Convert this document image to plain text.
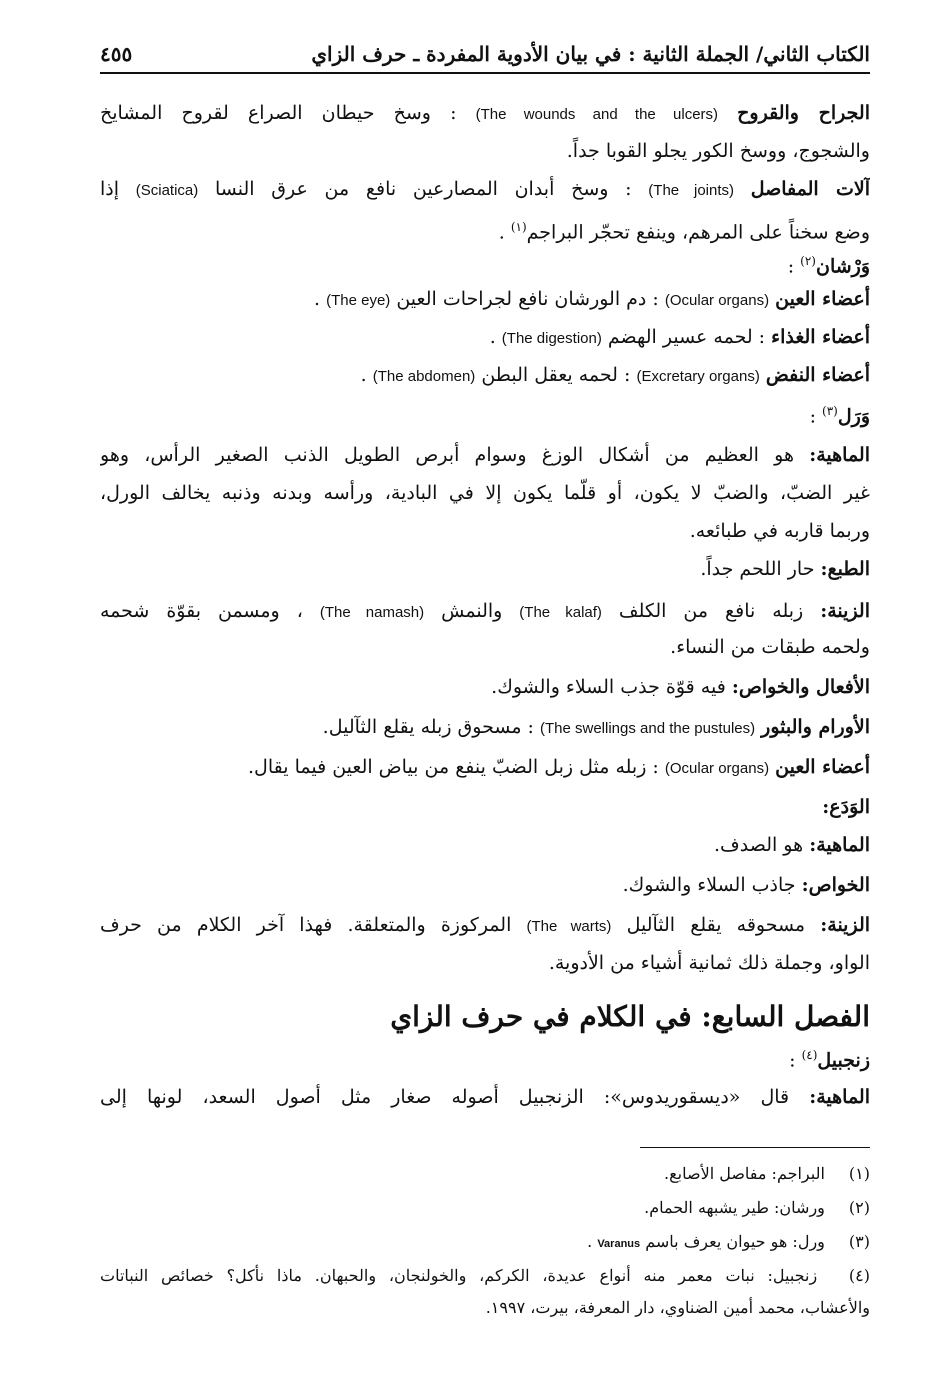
الكتاب الثاني/ الجملة الثانية : في بيان الأدوية المفردة ـ حرف الزاي
٤٥٥
الجراح والقروح (The wounds and the ulcers) : وسخ حيطان الصراع لقروح المشايخ
والشجوج، ووسخ الكور يجلو القوبا جداً.
آلات المفاصل (The joints) : وسخ أبدان المصارعين نافع من عرق النسا (Sciatica) إذا
وضع سخناً على المرهم، وينفع تحجّر البراجم$^{(١)}$ .
وَرْشان$^{(٢)}$ :
أعضاء العين (Ocular organs) : دم الورشان نافع لجراحات العين (The eye) .
أعضاء الغذاء : لحمه عسير الهضم (The digestion) .
أعضاء النفض (Excretary organs) : لحمه يعقل البطن (The abdomen) .
وَرَل$^{(٣)}$ :
الماهية: هو العظيم من أشكال الوزغ وسوام أبرص الطويل الذنب الصغير الرأس، وهو
غير الضبّ، والضبّ لا يكون، أو قلّما يكون إلا في البادية، ورأسه وبدنه وذنبه يخالف الورل،
وربما قاربه في طبائعه.
الطبع: حار اللحم جداً.
الزينة: زبله نافع من الكلف (The kalaf) والنمش (The namash) ، ومسمن بقوّة شحمه
ولحمه طبقات من النساء.
الأفعال والخواص: فيه قوّة جذب السلاء والشوك.
الأورام والبثور (The swellings and the pustules) : مسحوق زبله يقلع الثآليل.
أعضاء العين (Ocular organs) : زبله مثل زبل الضبّ ينفع من بياض العين فيما يقال.
الوَدَع:
الماهية: هو الصدف.
الخواص: جاذب السلاء والشوك.
الزينة: مسحوقه يقلع الثآليل (The warts) المركوزة والمتعلقة. فهذا آخر الكلام من حرف
الواو، وجملة ذلك ثمانية أشياء من الأدوية.
الفصل السابع: في الكلام في حرف الزاي
زنجبيل$^{(٤)}$ :
الماهية: قال «ديسقوريدوس»: الزنجبيل أصوله صغار مثل أصول السعد، لونها إلى
(١) البراجم: مفاصل الأصابع.
(٢) ورشان: طير يشبهه الحمام.
(٣) ورل: هو حيوان يعرف باسم Varanus .
(٤) زنجبيل: نبات معمر منه أنواع عديدة، الكركم، والخولنجان، والحبهان. ماذا نأكل؟ خصائص النباتات
والأعشاب، محمد أمين الضناوي، دار المعرفة، بيرت، ١٩٩٧.
